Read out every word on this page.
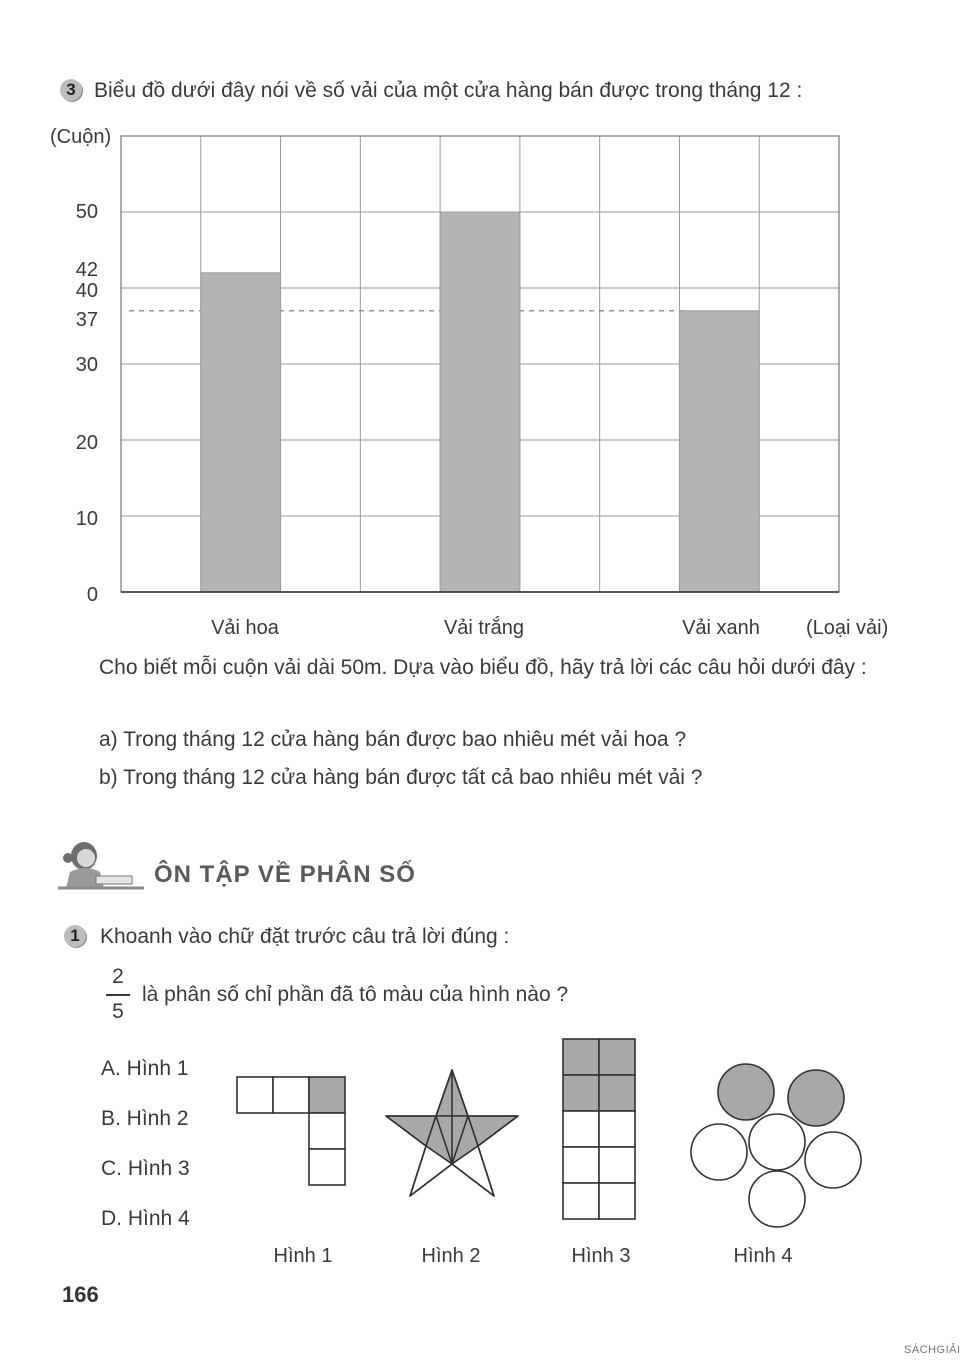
3 Biểu đồ dưới đây nói về số vải của một cửa hàng bán được trong tháng 12 :
(Cuộn)
0
10
20
30
37
40
42
50
Vải hoa	Vải trắng	Vải xanh	(Loại vải)
Cho biết mỗi cuộn vải dài 50m. Dựa vào biểu đồ, hãy trả lời các câu hỏi dưới đây :
a) Trong tháng 12 cửa hàng bán được bao nhiêu mét vải hoa ?
b) Trong tháng 12 cửa hàng bán được tất cả bao nhiêu mét vải ?
ÔN TẬP VỀ PHÂN SỐ
1 Khoanh vào chữ đặt trước câu trả lời đúng :
2
5
là phân số chỉ phần đã tô màu của hình nào ?
A. Hình 1
B. Hình 2
C. Hình 3
D. Hình 4
Hình 1	Hình 2	Hình 3	Hình 4
166
SÁCHGIẢI
